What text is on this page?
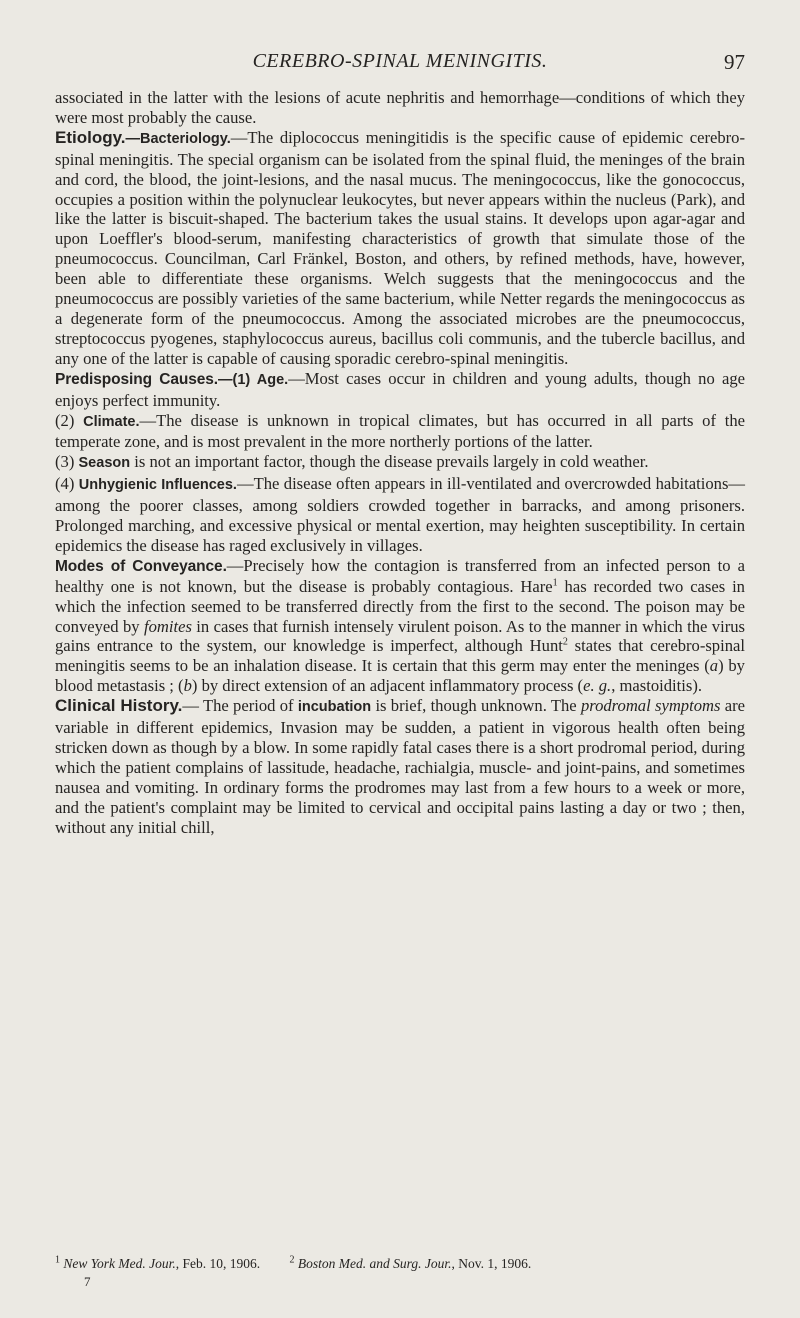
CEREBRO-SPINAL MENINGITIS.	97

associated in the latter with the lesions of acute nephritis and hemorrhage—conditions of which they were most probably the cause.

Etiology.—Bacteriology.—The diplococcus meningitidis is the specific cause of epidemic cerebro-spinal meningitis. The special organism can be isolated from the spinal fluid, the meninges of the brain and cord, the blood, the joint-lesions, and the nasal mucus. The meningococcus, like the gonococcus, occupies a position within the polynuclear leukocytes, but never appears within the nucleus (Park), and like the latter is biscuit-shaped. The bacterium takes the usual stains. It develops upon agar-agar and upon Loeffler's blood-serum, manifesting characteristics of growth that simulate those of the pneumococcus. Councilman, Carl Fränkel, Boston, and others, by refined methods, have, however, been able to differentiate these organisms. Welch suggests that the meningococcus and the pneumococcus are possibly varieties of the same bacterium, while Netter regards the meningococcus as a degenerate form of the pneumococcus. Among the associated microbes are the pneumococcus, streptococcus pyogenes, staphylococcus aureus, bacillus coli communis, and the tubercle bacillus, and any one of the latter is capable of causing sporadic cerebro-spinal meningitis.

Predisposing Causes.—(1) Age.—Most cases occur in children and young adults, though no age enjoys perfect immunity.

(2) Climate.—The disease is unknown in tropical climates, but has occurred in all parts of the temperate zone, and is most prevalent in the more northerly portions of the latter.

(3) Season is not an important factor, though the disease prevails largely in cold weather.

(4) Unhygienic Influences.—The disease often appears in ill-ventilated and overcrowded habitations—among the poorer classes, among soldiers crowded together in barracks, and among prisoners. Prolonged marching, and excessive physical or mental exertion, may heighten susceptibility. In certain epidemics the disease has raged exclusively in villages.

Modes of Conveyance.—Precisely how the contagion is transferred from an infected person to a healthy one is not known, but the disease is probably contagious. Hare$^1$ has recorded two cases in which the infection seemed to be transferred directly from the first to the second. The poison may be conveyed by fomites in cases that furnish intensely virulent poison. As to the manner in which the virus gains entrance to the system, our knowledge is imperfect, although Hunt$^2$ states that cerebro-spinal meningitis seems to be an inhalation disease. It is certain that this germ may enter the meninges (a) by blood metastasis ; (b) by direct extension of an adjacent inflammatory process (e. g., mastoiditis).

Clinical History.— The period of incubation is brief, though unknown. The prodromal symptoms are variable in different epidemics, Invasion may be sudden, a patient in vigorous health often being stricken down as though by a blow. In some rapidly fatal cases there is a short prodromal period, during which the patient complains of lassitude, headache, rachialgia, muscle- and joint-pains, and sometimes nausea and vomiting. In ordinary forms the prodromes may last from a few hours to a week or more, and the patient's complaint may be limited to cervical and occipital pains lasting a day or two ; then, without any initial chill,

$^1$ New York Med. Jour., Feb. 10, 1906.	$^2$ Boston Med. and Surg. Jour., Nov. 1, 1906.
7
